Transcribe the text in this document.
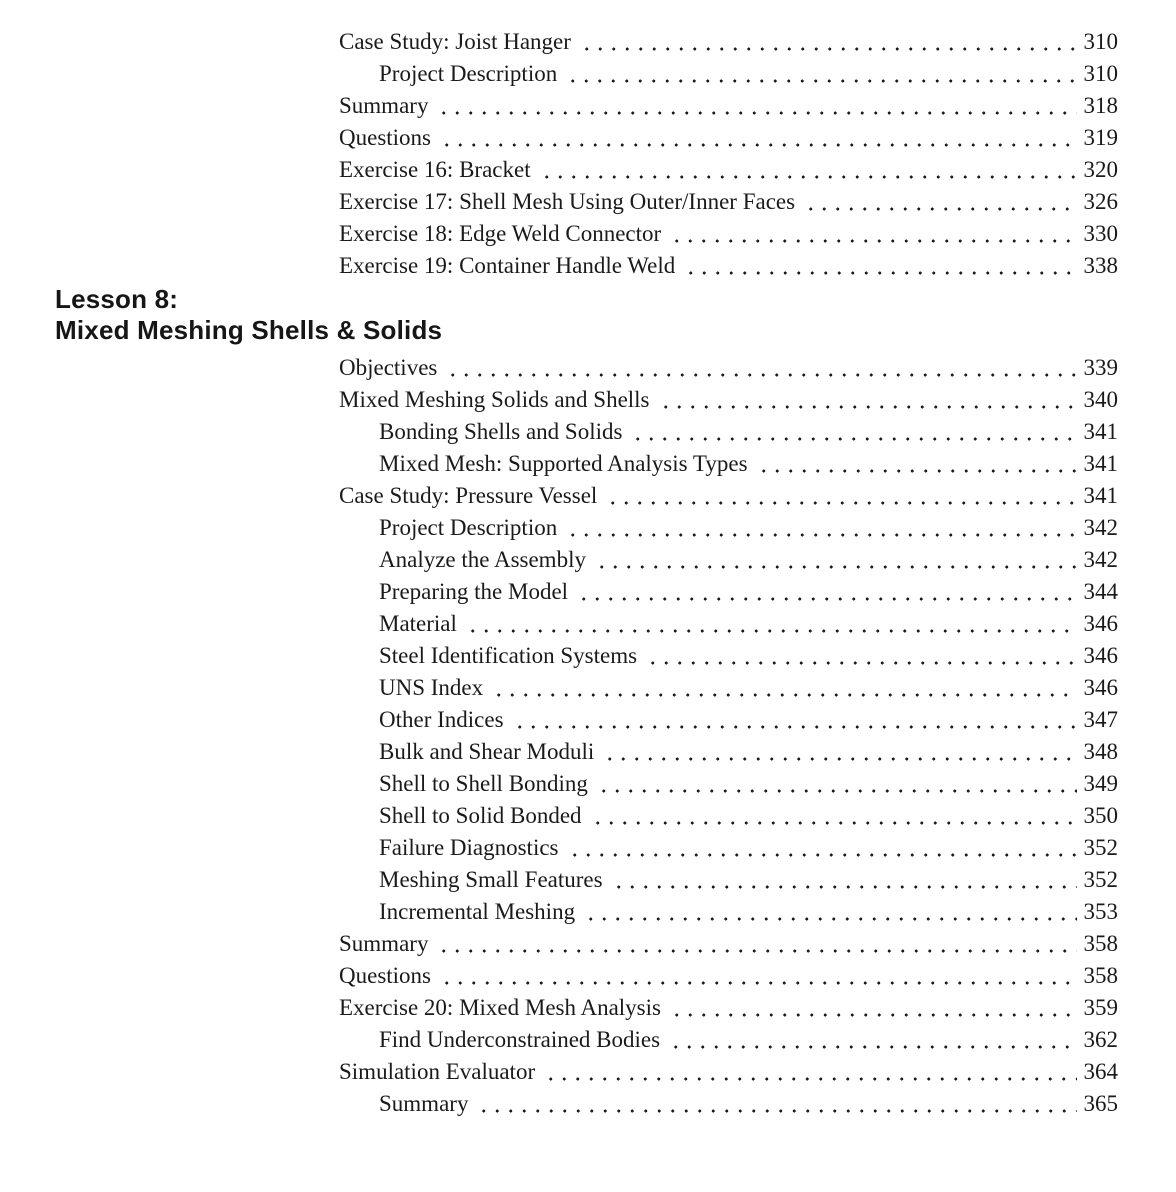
Case Study: Joist Hanger	310
Project Description	310
Summary	318
Questions	319
Exercise 16: Bracket	320
Exercise 17: Shell Mesh Using Outer/Inner Faces	326
Exercise 18: Edge Weld Connector	330
Exercise 19: Container Handle Weld	338
Lesson 8:
Mixed Meshing Shells & Solids
Objectives	339
Mixed Meshing Solids and Shells	340
Bonding Shells and Solids	341
Mixed Mesh: Supported Analysis Types	341
Case Study: Pressure Vessel	341
Project Description	342
Analyze the Assembly	342
Preparing the Model	344
Material	346
Steel Identification Systems	346
UNS Index	346
Other Indices	347
Bulk and Shear Moduli	348
Shell to Shell Bonding	349
Shell to Solid Bonded	350
Failure Diagnostics	352
Meshing Small Features	352
Incremental Meshing	353
Summary	358
Questions	358
Exercise 20: Mixed Mesh Analysis	359
Find Underconstrained Bodies	362
Simulation Evaluator	364
Summary	365
